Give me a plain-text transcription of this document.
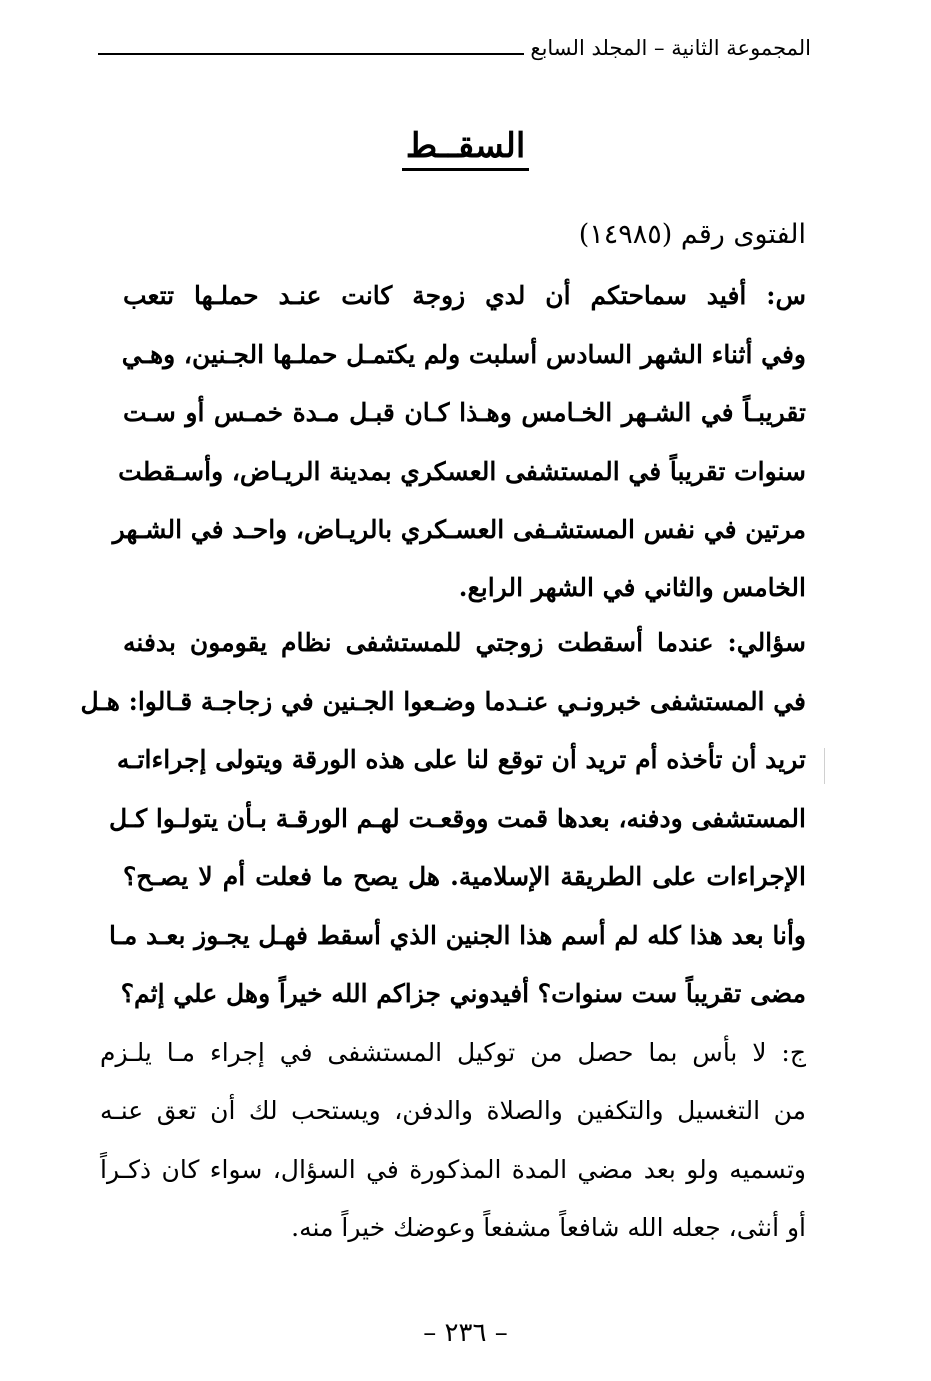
المجموعة الثانية – المجلد السابع
السقــط
الفتوى رقم (١٤٩٨٥)
س: أفيد سماحتكم أن لدي زوجة كانت عنـد حملـها تتعب
وفي أثناء الشهر السادس أسلبت ولم يكتمـل حملـها الجـنين، وهـي
تقريبـاً في الشـهر الخـامس وهـذا كـان قبـل مـدة خمـس أو سـت
سنوات تقريباً في المستشفى العسكري بمدينة الريـاض، وأسـقطت
مرتين في نفس المستشـفى العسـكري بالريـاض، واحـد في الشـهر
الخامس والثاني في الشهر الرابع.
سؤالي: عندما أسقطت زوجتي للمستشفى نظام يقومون بدفنه
في المستشفى خبرونـي عنـدما وضـعوا الجـنين في زجاجـة قـالوا: هـل
تريد أن تأخذه أم تريد أن توقع لنا على هذه الورقة ويتولى إجراءاتـه
المستشفى ودفنه، بعدها قمت ووقعـت لهـم الورقـة بـأن يتولـوا كـل
الإجراءات على الطريقة الإسلامية. هل يصح ما فعلت أم لا يصـح؟
وأنا بعد هذا كله لم أسم هذا الجنين الذي أسقط فهـل يجـوز بعـد مـا
مضى تقريباً ست سنوات؟ أفيدوني جزاكم الله خيراً وهل علي إثم؟
ج: لا بأس بما حصل من توكيل المستشفى في إجراء مـا يلـزم
من التغسيل والتكفين والصلاة والدفن، ويستحب لك أن تعق عنـه
وتسميه ولو بعد مضي المدة المذكورة في السؤال، سواء كان ذكـراً
أو أنثى، جعله الله شافعاً مشفعاً وعوضك خيراً منه.
– ٢٣٦ –
